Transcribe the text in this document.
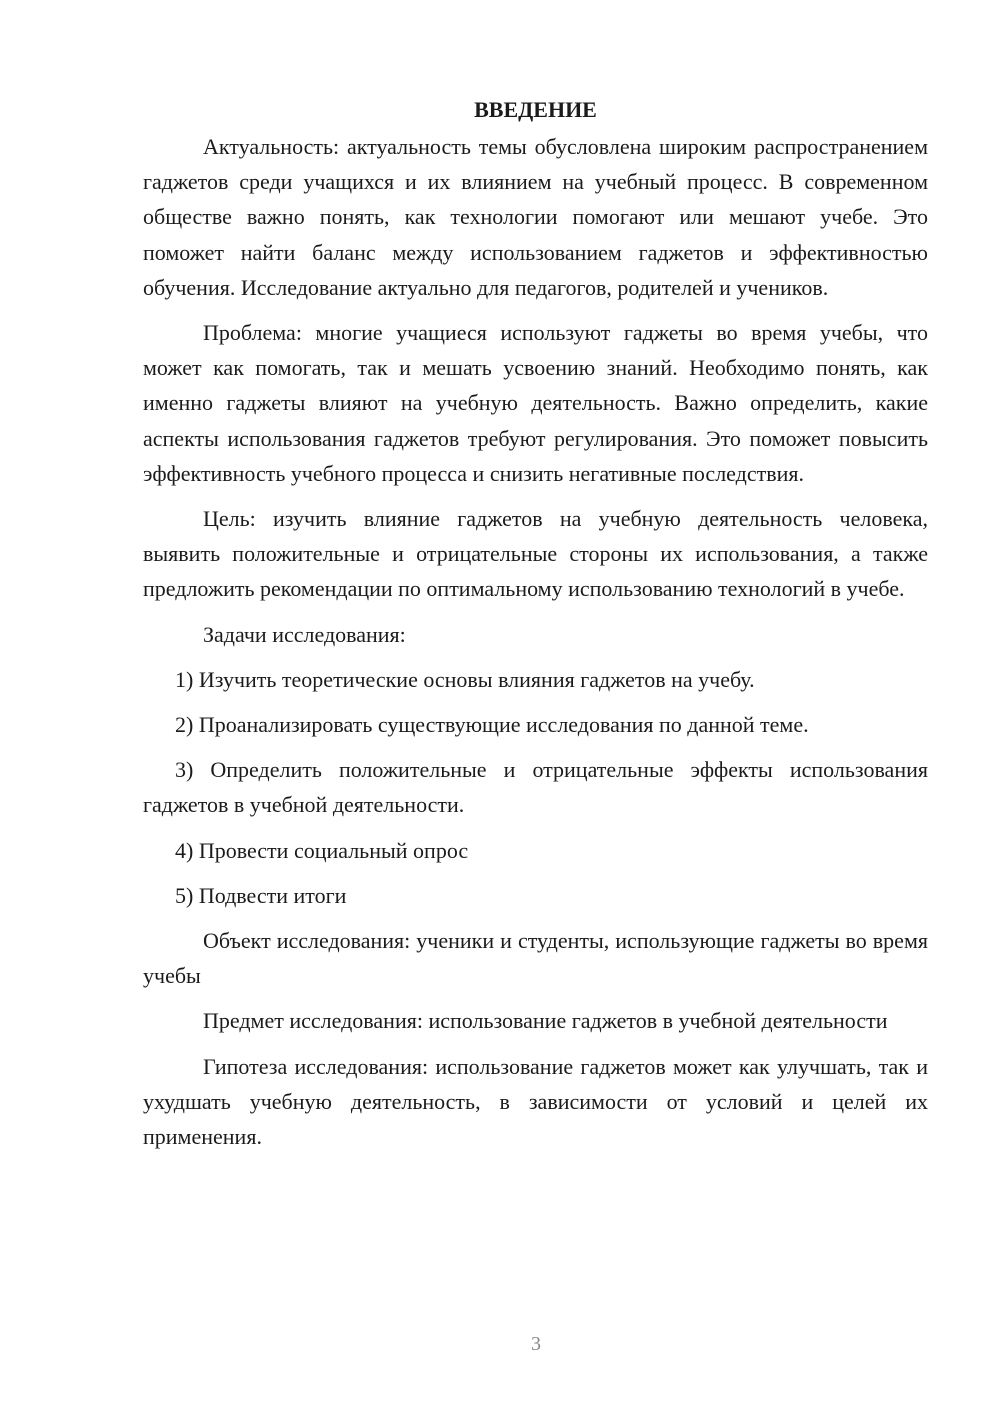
ВВЕДЕНИЕ

Актуальность: актуальность темы обусловлена широким распространением гаджетов среди учащихся и их влиянием на учебный процесс. В современном обществе важно понять, как технологии помогают или мешают учебе. Это поможет найти баланс между использованием гаджетов и эффективностью обучения. Исследование актуально для педагогов, родителей и учеников.

Проблема: многие учащиеся используют гаджеты во время учебы, что может как помогать, так и мешать усвоению знаний. Необходимо понять, как именно гаджеты влияют на учебную деятельность. Важно определить, какие аспекты использования гаджетов требуют регулирования. Это поможет повысить эффективность учебного процесса и снизить негативные последствия.

Цель: изучить влияние гаджетов на учебную деятельность человека, выявить положительные и отрицательные стороны их использования, а также предложить рекомендации по оптимальному использованию технологий в учебе.

Задачи исследования:

1) Изучить теоретические основы влияния гаджетов на учебу.

2) Проанализировать существующие исследования по данной теме.

3) Определить положительные и отрицательные эффекты использования гаджетов в учебной деятельности.

4) Провести социальный опрос

5) Подвести итоги

Объект исследования: ученики и студенты, использующие гаджеты во время учебы

Предмет исследования: использование гаджетов в учебной деятельности

Гипотеза исследования: использование гаджетов может как улучшать, так и ухудшать учебную деятельность, в зависимости от условий и целей их применения.

3
